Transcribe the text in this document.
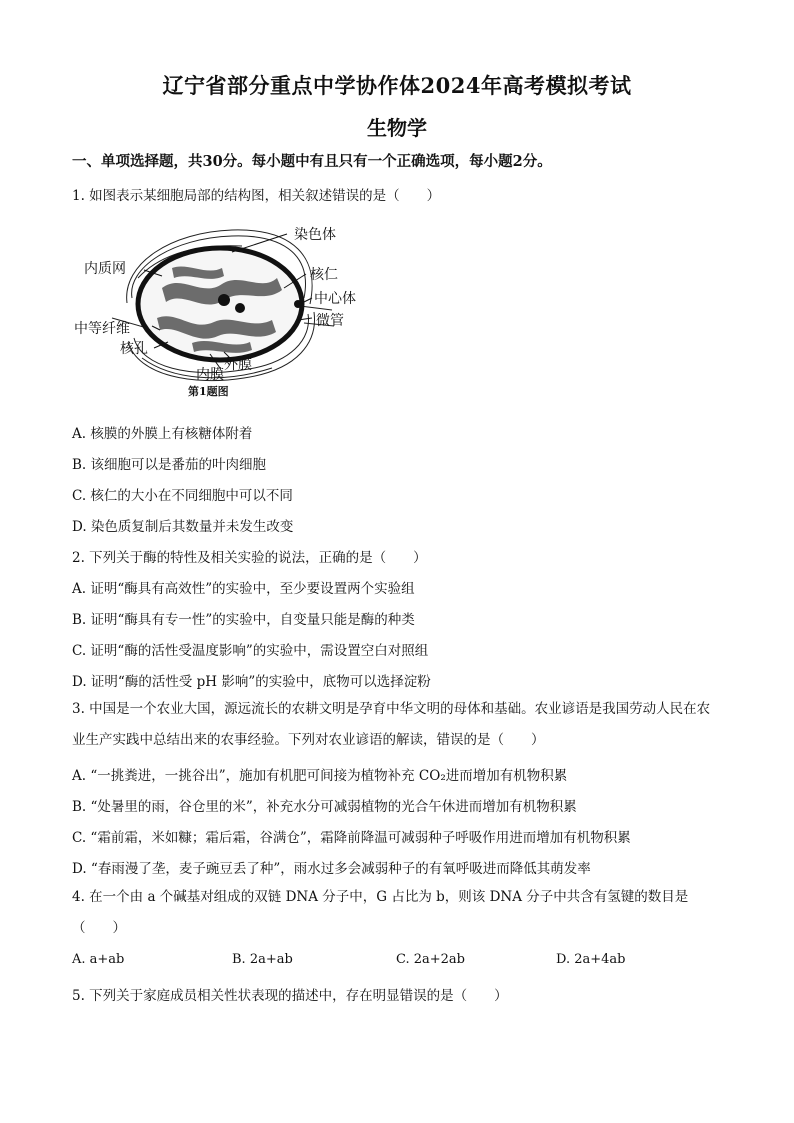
辽宁省部分重点中学协作体2024年高考模拟考试
生物学
一、单项选择题，共30分。每小题中有且只有一个正确选项，每小题2分。
1. 如图表示某细胞局部的结构图，相关叙述错误的是（　　）
染色体
内质网	核仁
中心体
中等纤维	微管
核孔
外膜
内膜
第1题图
A. 核膜的外膜上有核糖体附着
B. 该细胞可以是番茄的叶肉细胞
C. 核仁的大小在不同细胞中可以不同
D. 染色质复制后其数量并未发生改变
2. 下列关于酶的特性及相关实验的说法，正确的是（　　）
A. 证明“酶具有高效性”的实验中，至少要设置两个实验组
B. 证明“酶具有专一性”的实验中，自变量只能是酶的种类
C. 证明“酶的活性受温度影响”的实验中，需设置空白对照组
D. 证明“酶的活性受 pH 影响”的实验中，底物可以选择淀粉
3. 中国是一个农业大国，源远流长的农耕文明是孕育中华文明的母体和基础。农业谚语是我国劳动人民在农业生产实践中总结出来的农事经验。下列对农业谚语的解读，错误的是（　　）
A. “一挑粪进，一挑谷出”，施加有机肥可间接为植物补充 CO₂进而增加有机物积累
B. “处暑里的雨，谷仓里的米”，补充水分可减弱植物的光合午休进而增加有机物积累
C. “霜前霜，米如糠；霜后霜，谷满仓”，霜降前降温可减弱种子呼吸作用进而增加有机物积累
D. “春雨漫了垄，麦子豌豆丢了种”，雨水过多会减弱种子的有氧呼吸进而降低其萌发率
4. 在一个由 a 个碱基对组成的双链 DNA 分子中，G 占比为 b，则该 DNA 分子中共含有氢键的数目是（　　）
A. a+ab	B. 2a+ab	C. 2a+2ab	D. 2a+4ab
5. 下列关于家庭成员相关性状表现的描述中，存在明显错误的是（　　）
